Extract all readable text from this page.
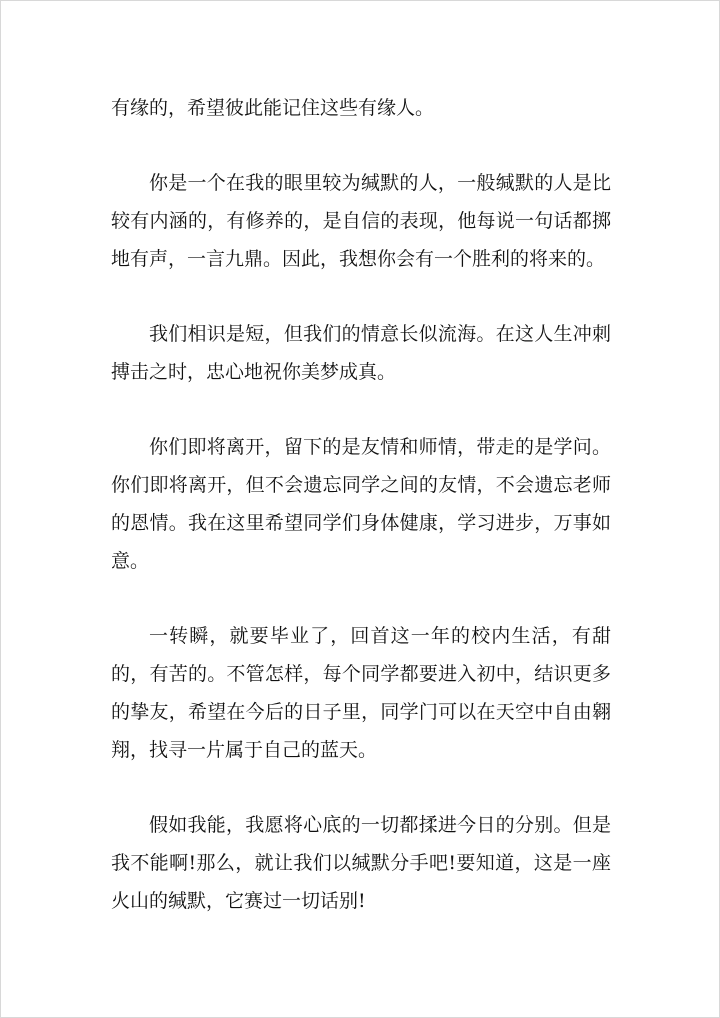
有缘的，希望彼此能记住这些有缘人。

你是一个在我的眼里较为缄默的人，一般缄默的人是比较有内涵的，有修养的，是自信的表现，他每说一句话都掷地有声，一言九鼎。因此，我想你会有一个胜利的将来的。

我们相识是短，但我们的情意长似流海。在这人生冲刺搏击之时，忠心地祝你美梦成真。

你们即将离开，留下的是友情和师情，带走的是学问。你们即将离开，但不会遗忘同学之间的友情，不会遗忘老师的恩情。我在这里希望同学们身体健康，学习进步，万事如意。

一转瞬，就要毕业了，回首这一年的校内生活，有甜的，有苦的。不管怎样，每个同学都要进入初中，结识更多的挚友，希望在今后的日子里，同学门可以在天空中自由翱翔，找寻一片属于自己的蓝天。

假如我能，我愿将心底的一切都揉进今日的分别。但是我不能啊!那么，就让我们以缄默分手吧!要知道，这是一座火山的缄默，它赛过一切话别!
